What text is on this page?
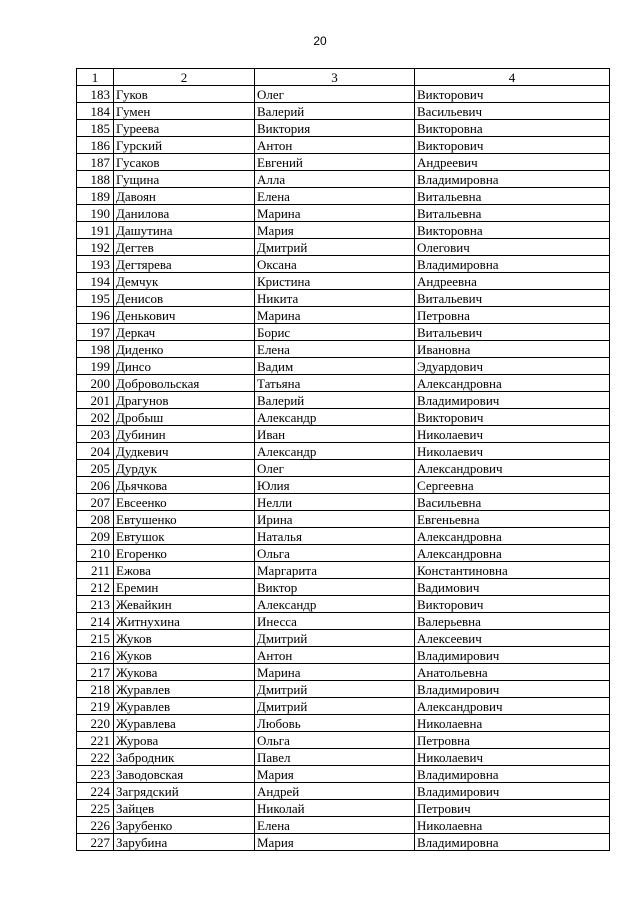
20
1	2	3	4
183	Гуков	Олег	Викторович
184	Гумен	Валерий	Васильевич
185	Гуреева	Виктория	Викторовна
186	Гурский	Антон	Викторович
187	Гусаков	Евгений	Андреевич
188	Гущина	Алла	Владимировна
189	Давоян	Елена	Витальевна
190	Данилова	Марина	Витальевна
191	Дашутина	Мария	Викторовна
192	Дегтев	Дмитрий	Олегович
193	Дегтярева	Оксана	Владимировна
194	Демчук	Кристина	Андреевна
195	Денисов	Никита	Витальевич
196	Денькович	Марина	Петровна
197	Деркач	Борис	Витальевич
198	Диденко	Елена	Ивановна
199	Динсо	Вадим	Эдуардович
200	Добровольская	Татьяна	Александровна
201	Драгунов	Валерий	Владимирович
202	Дробыш	Александр	Викторович
203	Дубинин	Иван	Николаевич
204	Дудкевич	Александр	Николаевич
205	Дурдук	Олег	Александрович
206	Дьячкова	Юлия	Сергеевна
207	Евсеенко	Нелли	Васильевна
208	Евтушенко	Ирина	Евгеньевна
209	Евтушок	Наталья	Александровна
210	Егоренко	Ольга	Александровна
211	Ежова	Маргарита	Константиновна
212	Еремин	Виктор	Вадимович
213	Жевайкин	Александр	Викторович
214	Житнухина	Инесса	Валерьевна
215	Жуков	Дмитрий	Алексеевич
216	Жуков	Антон	Владимирович
217	Жукова	Марина	Анатольевна
218	Журавлев	Дмитрий	Владимирович
219	Журавлев	Дмитрий	Александрович
220	Журавлева	Любовь	Николаевна
221	Журова	Ольга	Петровна
222	Забродник	Павел	Николаевич
223	Заводовская	Мария	Владимировна
224	Загрядский	Андрей	Владимирович
225	Зайцев	Николай	Петрович
226	Зарубенко	Елена	Николаевна
227	Зарубина	Мария	Владимировна
